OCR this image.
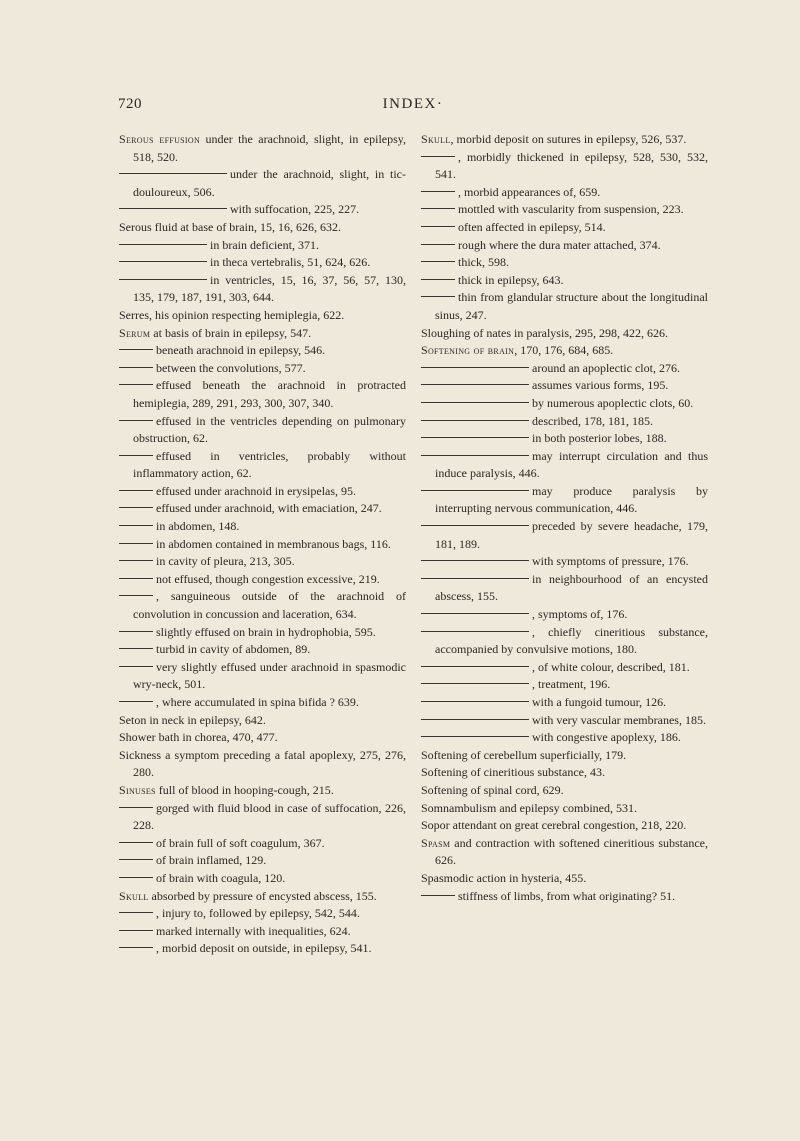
720	INDEX·
Serous effusion under the arachnoid, slight, in epilepsy, 518, 520.
under the arachnoid, slight, in tic-douloureux, 506.
with suffocation, 225, 227.
Serous fluid at base of brain, 15, 16, 626, 632.
in brain deficient, 371.
in theca vertebralis, 51, 624, 626.
in ventricles, 15, 16, 37, 56, 57, 130, 135, 179, 187, 191, 303, 644.
Serres, his opinion respecting hemiplegia, 622.
Serum at basis of brain in epilepsy, 547.
beneath arachnoid in epilepsy, 546.
between the convolutions, 577.
effused beneath the arachnoid in protracted hemiplegia, 289, 291, 293, 300, 307, 340.
effused in the ventricles depending on pulmonary obstruction, 62.
effused in ventricles, probably without inflammatory action, 62.
effused under arachnoid in erysipelas, 95.
effused under arachnoid, with emaciation, 247.
in abdomen, 148.
in abdomen contained in membranous bags, 116.
in cavity of pleura, 213, 305.
not effused, though congestion excessive, 219.
, sanguineous outside of the arachnoid of convolution in concussion and laceration, 634.
slightly effused on brain in hydrophobia, 595.
turbid in cavity of abdomen, 89.
very slightly effused under arachnoid in spasmodic wry-neck, 501.
, where accumulated in spina bifida ? 639.
Seton in neck in epilepsy, 642.
Shower bath in chorea, 470, 477.
Sickness a symptom preceding a fatal apoplexy, 275, 276, 280.
Sinuses full of blood in hooping-cough, 215.
gorged with fluid blood in case of suffocation, 226, 228.
of brain full of soft coagulum, 367.
of brain inflamed, 129.
of brain with coagula, 120.
Skull absorbed by pressure of encysted abscess, 155.
, injury to, followed by epilepsy, 542, 544.
marked internally with inequalities, 624.
, morbid deposit on outside, in epilepsy, 541.
Skull, morbid deposit on sutures in epilepsy, 526, 537.
, morbidly thickened in epilepsy, 528, 530, 532, 541.
, morbid appearances of, 659.
mottled with vascularity from suspension, 223.
often affected in epilepsy, 514.
rough where the dura mater attached, 374.
thick, 598.
thick in epilepsy, 643.
thin from glandular structure about the longitudinal sinus, 247.
Sloughing of nates in paralysis, 295, 298, 422, 626.
Softening of brain, 170, 176, 684, 685.
around an apoplectic clot, 276.
assumes various forms, 195.
by numerous apoplectic clots, 60.
described, 178, 181, 185.
in both posterior lobes, 188.
may interrupt circulation and thus induce paralysis, 446.
may produce paralysis by interrupting nervous communication, 446.
preceded by severe headache, 179, 181, 189.
with symptoms of pressure, 176.
in neighbourhood of an encysted abscess, 155.
, symptoms of, 176.
, chiefly cineritious substance, accompanied by convulsive motions, 180.
, of white colour, described, 181.
, treatment, 196.
with a fungoid tumour, 126.
with very vascular membranes, 185.
with congestive apoplexy, 186.
Softening of cerebellum superficially, 179.
Softening of cineritious substance, 43.
Softening of spinal cord, 629.
Somnambulism and epilepsy combined, 531.
Sopor attendant on great cerebral congestion, 218, 220.
Spasm and contraction with softened cineritious substance, 626.
Spasmodic action in hysteria, 455.
stiffness of limbs, from what originating? 51.
